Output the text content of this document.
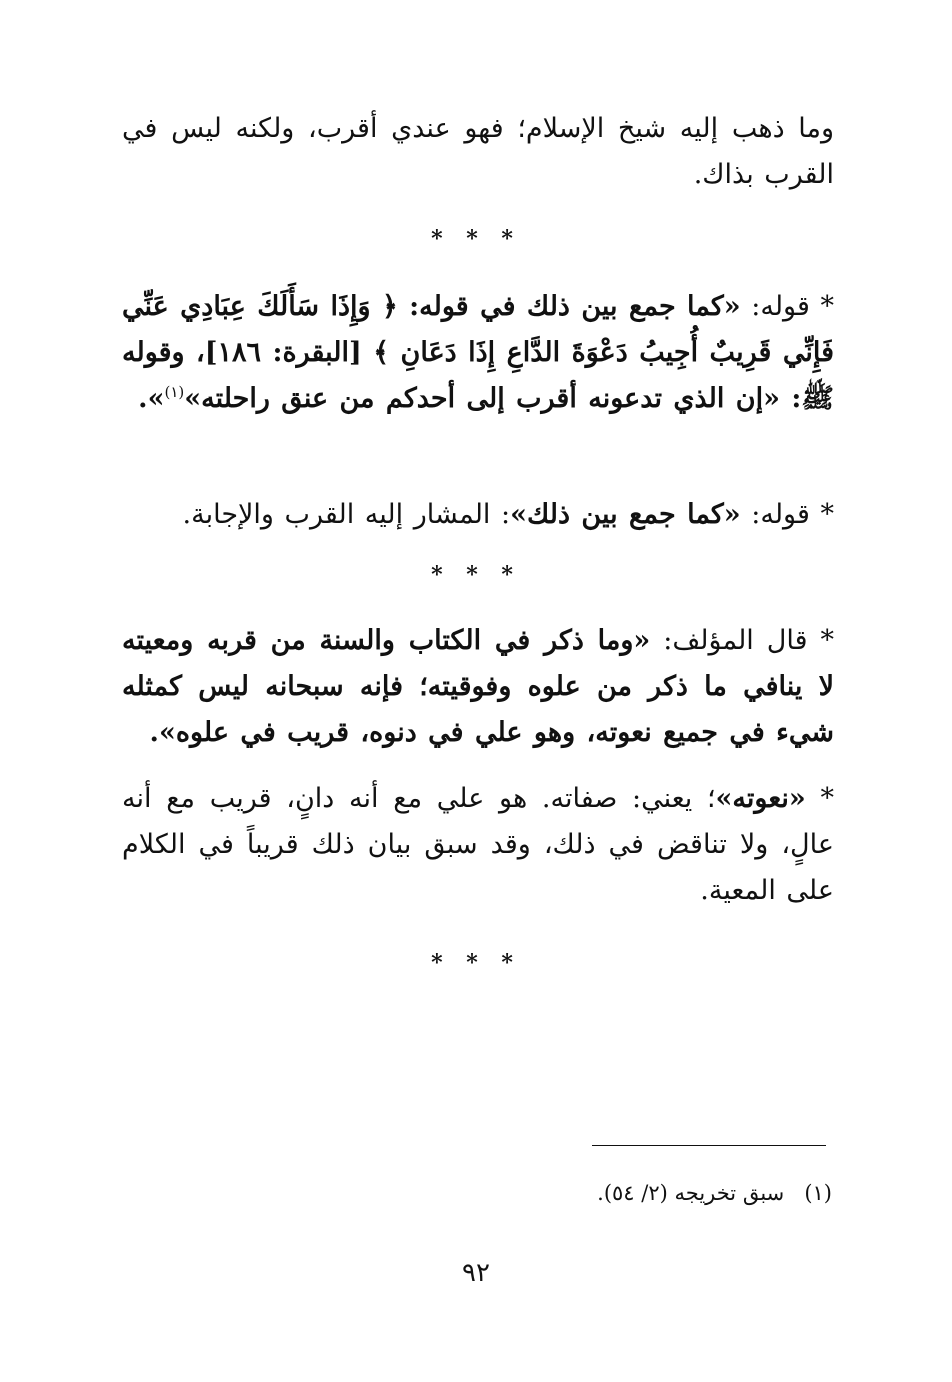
وما ذهب إليه شيخ الإسلام؛ فهو عندي أقرب، ولكنه ليس في القرب بذاك.
* * *
* قوله: «كما جمع بين ذلك في قوله: ﴿ وَإِذَا سَأَلَكَ عِبَادِي عَنِّي فَإِنِّي قَرِيبٌ أُجِيبُ دَعْوَةَ الدَّاعِ إِذَا دَعَانِ ﴾ [البقرة: ١٨٦]، وقوله ﷺ: «إن الذي تدعونه أقرب إلى أحدكم من عنق راحلته»$^{(١)}$».
* قوله: «كما جمع بين ذلك»: المشار إليه القرب والإجابة.
* * *
* قال المؤلف: «وما ذكر في الكتاب والسنة من قربه ومعيته لا ينافي ما ذكر من علوه وفوقيته؛ فإنه سبحانه ليس كمثله شيء في جميع نعوته، وهو علي في دنوه، قريب في علوه».
* «نعوته»؛ يعني: صفاته. هو علي مع أنه دانٍ، قريب مع أنه عالٍ، ولا تناقض في ذلك، وقد سبق بيان ذلك قريباً في الكلام على المعية.
* * *
(١)   سبق تخريجه (٢/ ٥٤).
٩٢
